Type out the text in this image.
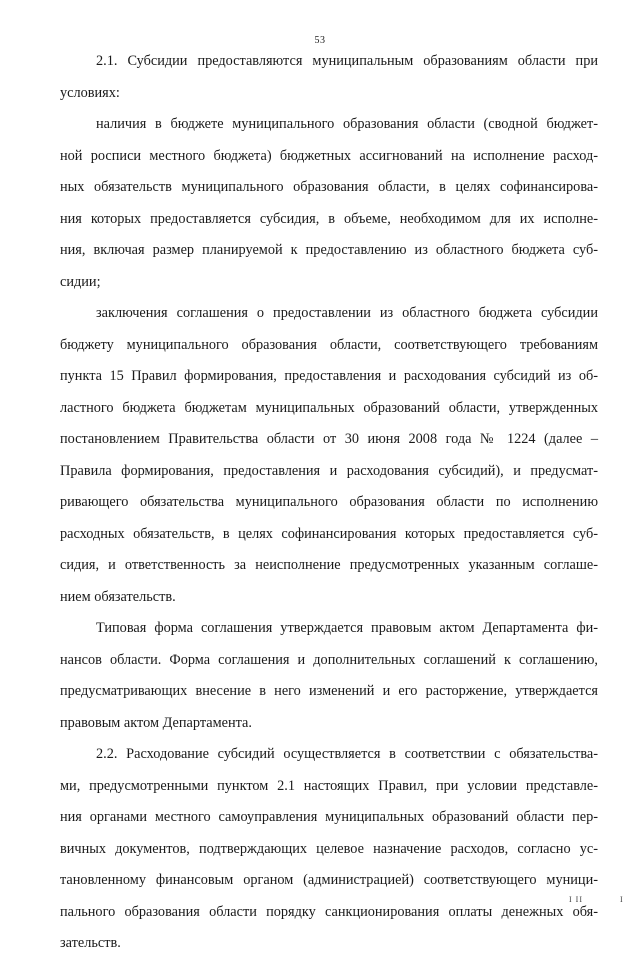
53
2.1. Субсидии предоставляются муниципальным образованиям области при
условиях:
наличия в бюджете муниципального образования области (сводной бюджет-
ной росписи местного бюджета) бюджетных ассигнований на исполнение расход-
ных обязательств муниципального образования области, в целях софинансирова-
ния которых предоставляется субсидия, в объеме, необходимом для их исполне-
ния, включая размер планируемой к предоставлению из областного бюджета суб-
сидии;
заключения соглашения о предоставлении из областного бюджета субсидии
бюджету муниципального образования области, соответствующего требованиям
пункта 15 Правил формирования, предоставления и расходования субсидий из об-
ластного бюджета бюджетам муниципальных образований области, утвержденных
постановлением Правительства области от 30 июня 2008 года № 1224 (далее –
Правила формирования, предоставления и расходования субсидий), и предусмат-
ривающего обязательства муниципального образования области по исполнению
расходных обязательств, в целях софинансирования которых предоставляется суб-
сидия, и ответственность за неисполнение предусмотренных указанным соглаше-
нием обязательств.
Типовая форма соглашения утверждается правовым актом Департамента фи-
нансов области. Форма соглашения и дополнительных соглашений к соглашению,
предусматривающих внесение в него изменений и его расторжение, утверждается
правовым актом Департамента.
2.2. Расходование субсидий осуществляется в соответствии с обязательства-
ми, предусмотренными пунктом 2.1 настоящих Правил, при условии представле-
ния органами местного самоуправления муниципальных образований области пер-
вичных документов, подтверждающих целевое назначение расходов, согласно ус-
тановленному финансовым органом (администрацией) соответствующего муници-
пального образования области порядку санкционирования оплаты денежных обя-
зательств.
I II	I
